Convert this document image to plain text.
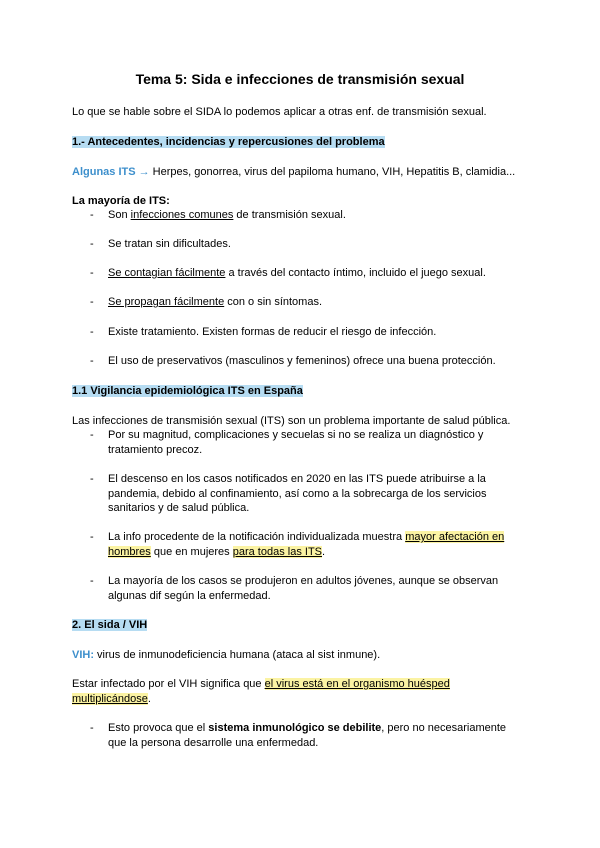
Tema 5: Sida e infecciones de transmisión sexual
Lo que se hable sobre el SIDA lo podemos aplicar a otras enf. de transmisión sexual.
1.- Antecedentes, incidencias y repercusiones del problema
Algunas ITS → Herpes, gonorrea, virus del papiloma humano, VIH, Hepatitis B, clamidia...
La mayoría de ITS:
- Son infecciones comunes de transmisión sexual.
- Se tratan sin dificultades.
- Se contagian fácilmente a través del contacto íntimo, incluido el juego sexual.
- Se propagan fácilmente con o sin síntomas.
- Existe tratamiento. Existen formas de reducir el riesgo de infección.
- El uso de preservativos (masculinos y femeninos) ofrece una buena protección.
1.1 Vigilancia epidemiológica ITS en España
Las infecciones de transmisión sexual (ITS) son un problema importante de salud pública.
- Por su magnitud, complicaciones y secuelas si no se realiza un diagnóstico y
tratamiento precoz.
- El descenso en los casos notificados en 2020 en las ITS puede atribuirse a la
pandemia, debido al confinamiento, así como a la sobrecarga de los servicios
sanitarios y de salud pública.
- La info procedente de la notificación individualizada muestra mayor afectación en
hombres que en mujeres para todas las ITS.
- La mayoría de los casos se produjeron en adultos jóvenes, aunque se observan
algunas dif según la enfermedad.
2. El sida / VIH
VIH: virus de inmunodeficiencia humana (ataca al sist inmune).
Estar infectado por el VIH significa que el virus está en el organismo huésped
multiplicándose.
- Esto provoca que el sistema inmunológico se debilite, pero no necesariamente
que la persona desarrolle una enfermedad.
